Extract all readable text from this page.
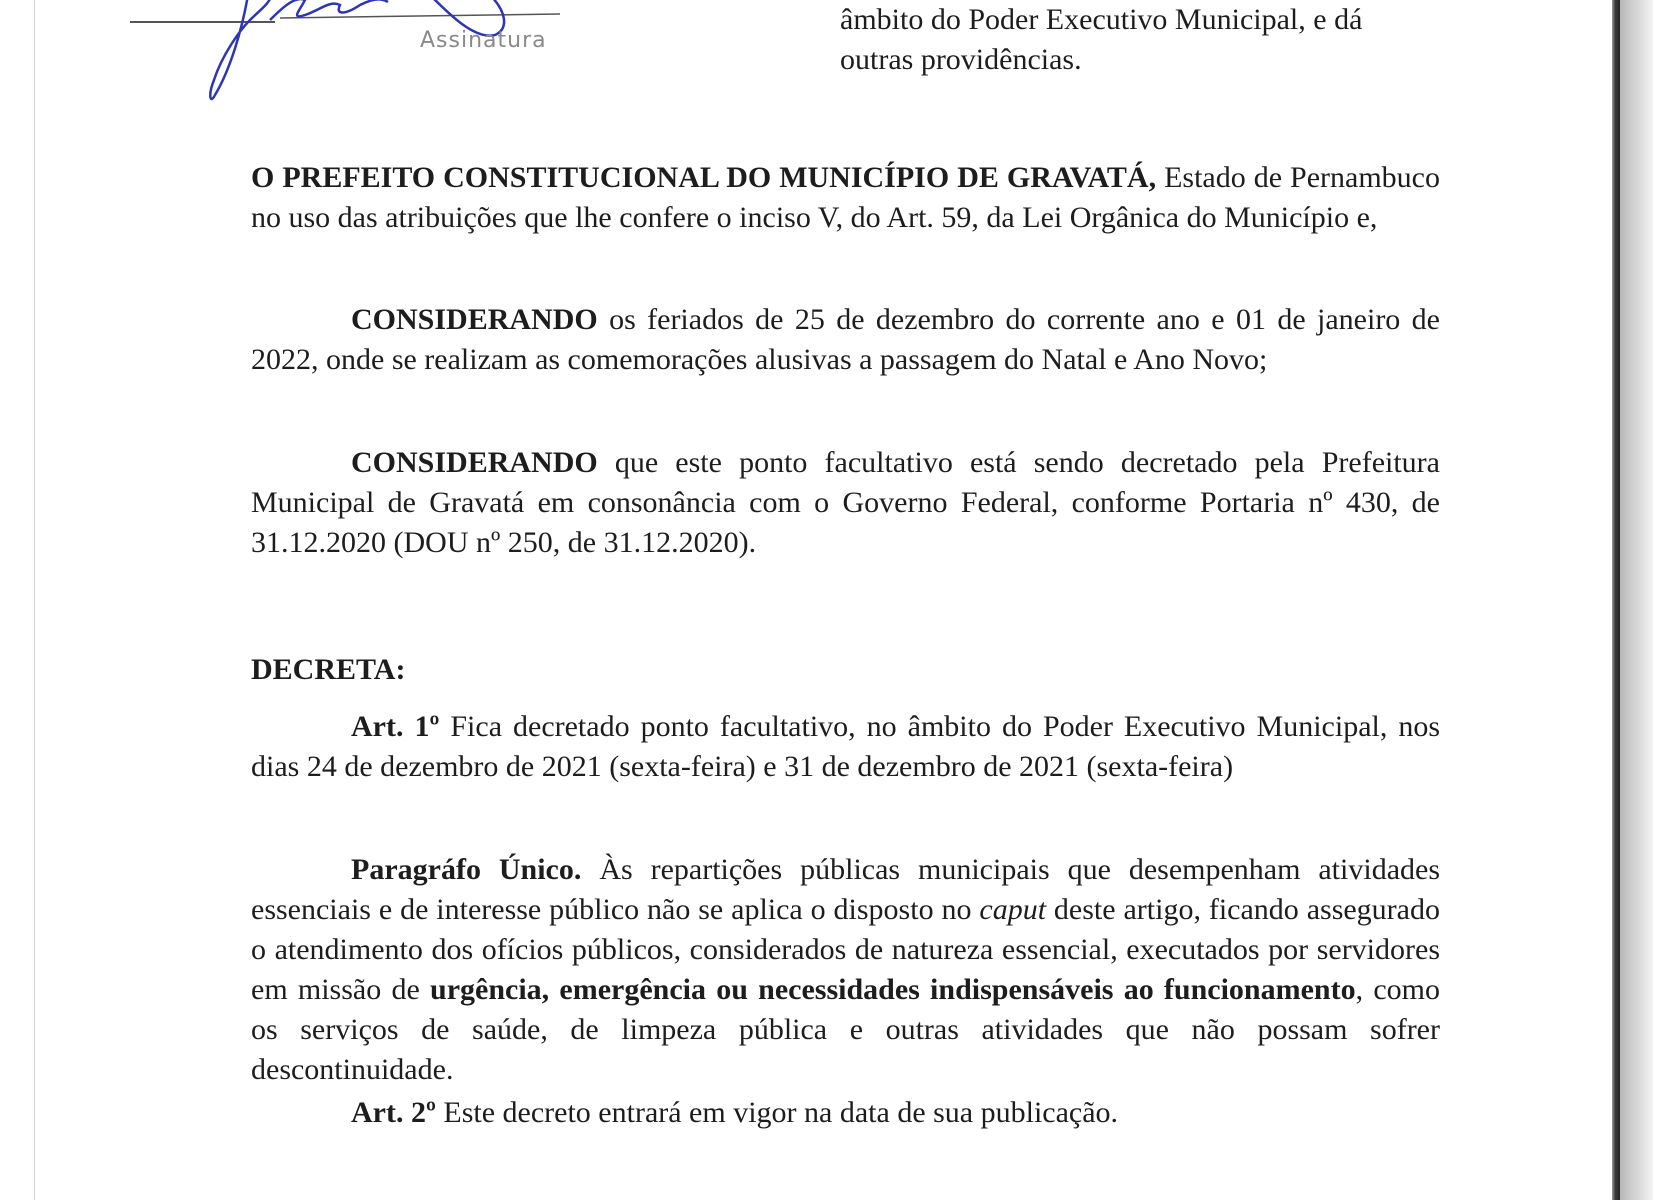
Assinatura
âmbito do Poder Executivo Municipal, e dá
outras providências.

O PREFEITO CONSTITUCIONAL DO MUNICÍPIO DE GRAVATÁ, Estado de Pernambuco no uso das atribuições que lhe confere o inciso V, do Art. 59, da Lei Orgânica do Município e,

CONSIDERANDO os feriados de 25 de dezembro do corrente ano e 01 de janeiro de 2022, onde se realizam as comemorações alusivas a passagem do Natal e Ano Novo;

CONSIDERANDO que este ponto facultativo está sendo decretado pela Prefeitura Municipal de Gravatá em consonância com o Governo Federal, conforme Portaria nº 430, de 31.12.2020 (DOU nº 250, de 31.12.2020).

DECRETA:

Art. 1º Fica decretado ponto facultativo, no âmbito do Poder Executivo Municipal, nos dias 24 de dezembro de 2021 (sexta-feira) e 31 de dezembro de 2021 (sexta-feira)

Paragráfo Único. Às repartições públicas municipais que desempenham atividades essenciais e de interesse público não se aplica o disposto no caput deste artigo, ficando assegurado o atendimento dos ofícios públicos, considerados de natureza essencial, executados por servidores em missão de urgência, emergência ou necessidades indispensáveis ao funcionamento, como os serviços de saúde, de limpeza pública e outras atividades que não possam sofrer descontinuidade.

Art. 2º Este decreto entrará em vigor na data de sua publicação.
